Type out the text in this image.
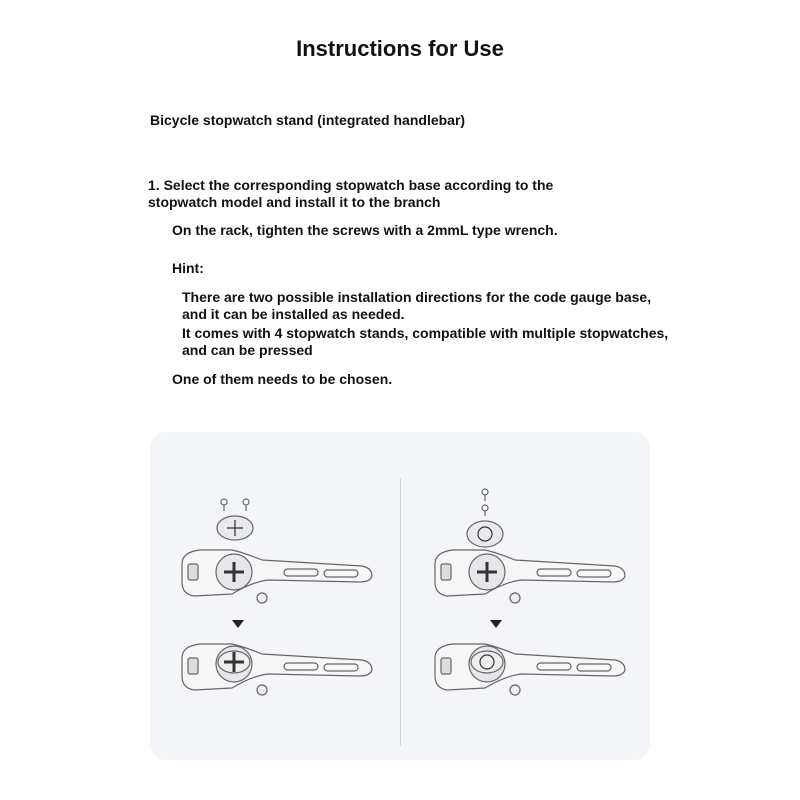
Instructions for Use
Bicycle stopwatch stand (integrated handlebar)
1. Select the corresponding stopwatch base according to the
stopwatch model and install it to the branch
On the rack, tighten the screws with a 2mmL type wrench.
Hint:
There are two possible installation directions for the code gauge base,
and it can be installed as needed.
It comes with 4 stopwatch stands, compatible with multiple stopwatches,
and can be pressed
One of them needs to be chosen.
